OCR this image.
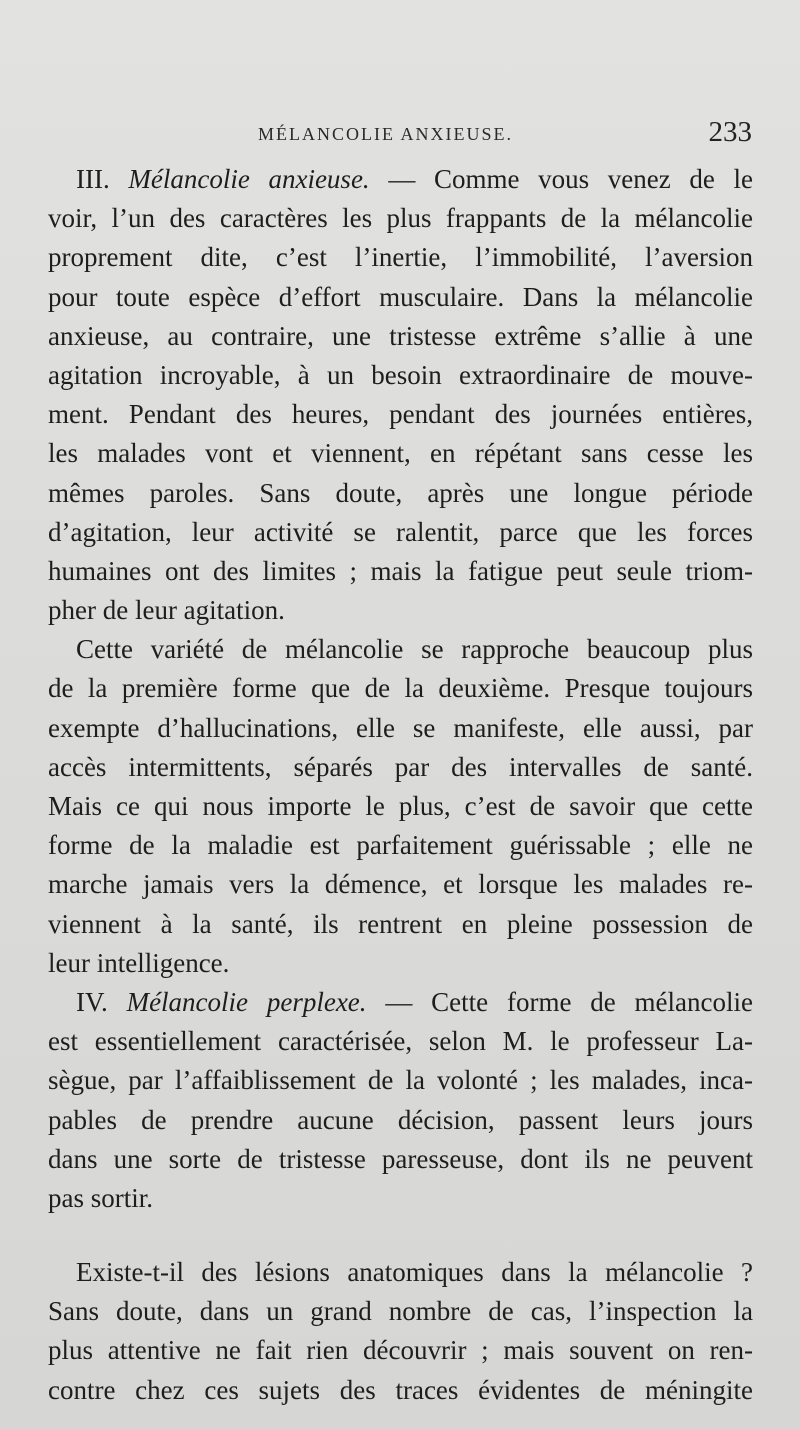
MÉLANCOLIE ANXIEUSE.	233
III. Mélancolie anxieuse. — Comme vous venez de le
voir, l’un des caractères les plus frappants de la mélancolie
proprement dite, c’est l’inertie, l’immobilité, l’aversion
pour toute espèce d’effort musculaire. Dans la mélancolie
anxieuse, au contraire, une tristesse extrême s’allie à une
agitation incroyable, à un besoin extraordinaire de mouve-
ment. Pendant des heures, pendant des journées entières,
les malades vont et viennent, en répétant sans cesse les
mêmes paroles. Sans doute, après une longue période
d’agitation, leur activité se ralentit, parce que les forces
humaines ont des limites ; mais la fatigue peut seule triom-
pher de leur agitation.
Cette variété de mélancolie se rapproche beaucoup plus
de la première forme que de la deuxième. Presque toujours
exempte d’hallucinations, elle se manifeste, elle aussi, par
accès intermittents, séparés par des intervalles de santé.
Mais ce qui nous importe le plus, c’est de savoir que cette
forme de la maladie est parfaitement guérissable ; elle ne
marche jamais vers la démence, et lorsque les malades re-
viennent à la santé, ils rentrent en pleine possession de
leur intelligence.
IV. Mélancolie perplexe. — Cette forme de mélancolie
est essentiellement caractérisée, selon M. le professeur La-
sègue, par l’affaiblissement de la volonté ; les malades, inca-
pables de prendre aucune décision, passent leurs jours
dans une sorte de tristesse paresseuse, dont ils ne peuvent
pas sortir.
Existe-t-il des lésions anatomiques dans la mélancolie ?
Sans doute, dans un grand nombre de cas, l’inspection la
plus attentive ne fait rien découvrir ; mais souvent on ren-
contre chez ces sujets des traces évidentes de méningite
